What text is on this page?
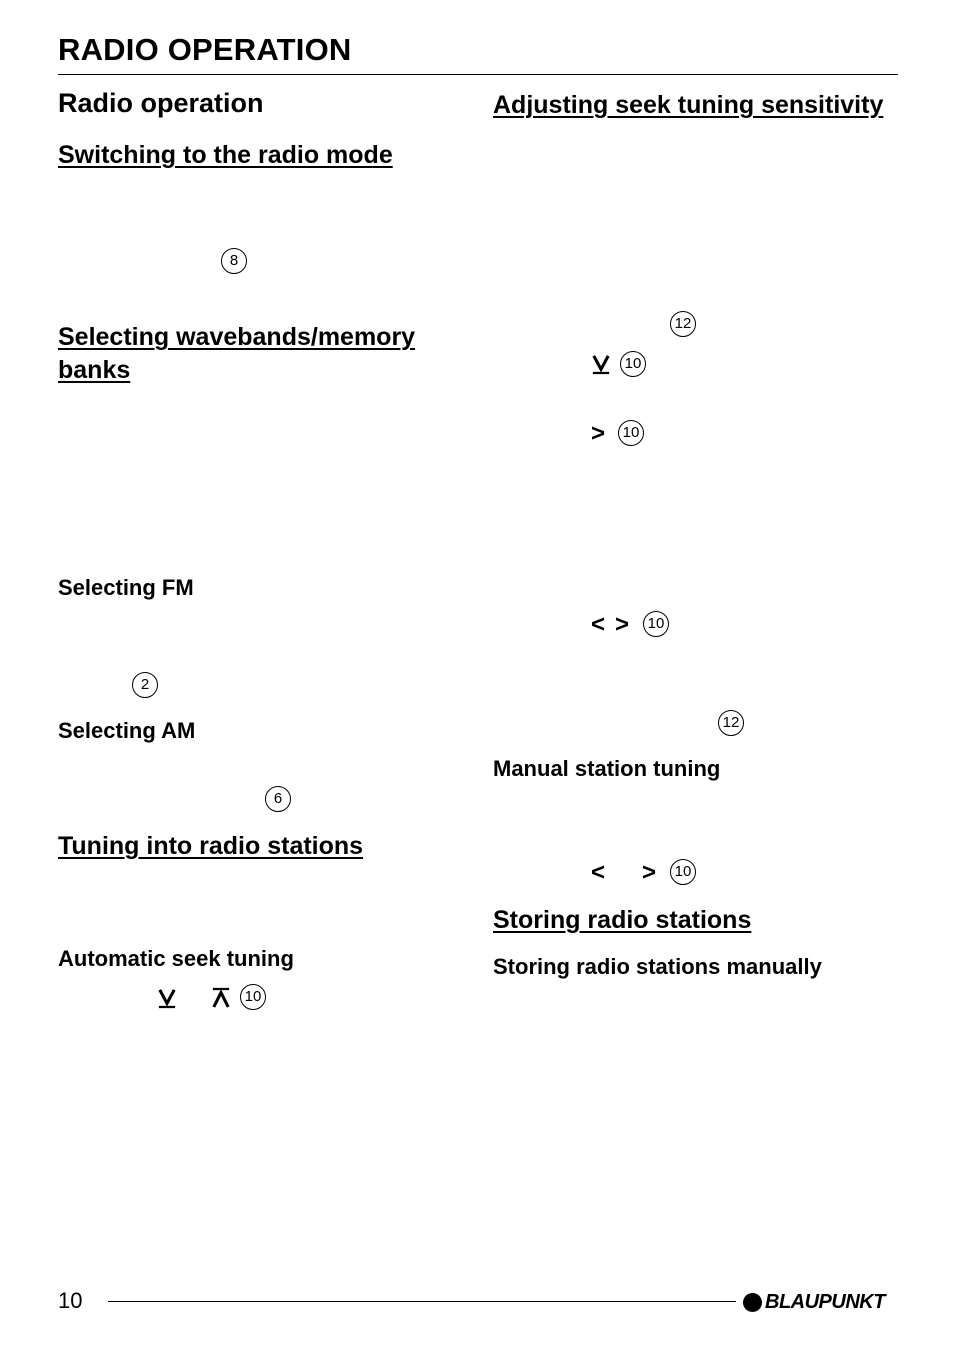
RADIO OPERATION
Radio operation
Switching to the radio mode
8
Selecting wavebands/memory
banks
Selecting FM
2
Selecting AM
6
Tuning into radio stations
Automatic seek tuning
10
Adjusting seek tuning sensitivity
12
10
>	10
< >	10
12
Manual station tuning
< >	10
Storing radio stations
Storing radio stations manually
10	BLAUPUNKT
